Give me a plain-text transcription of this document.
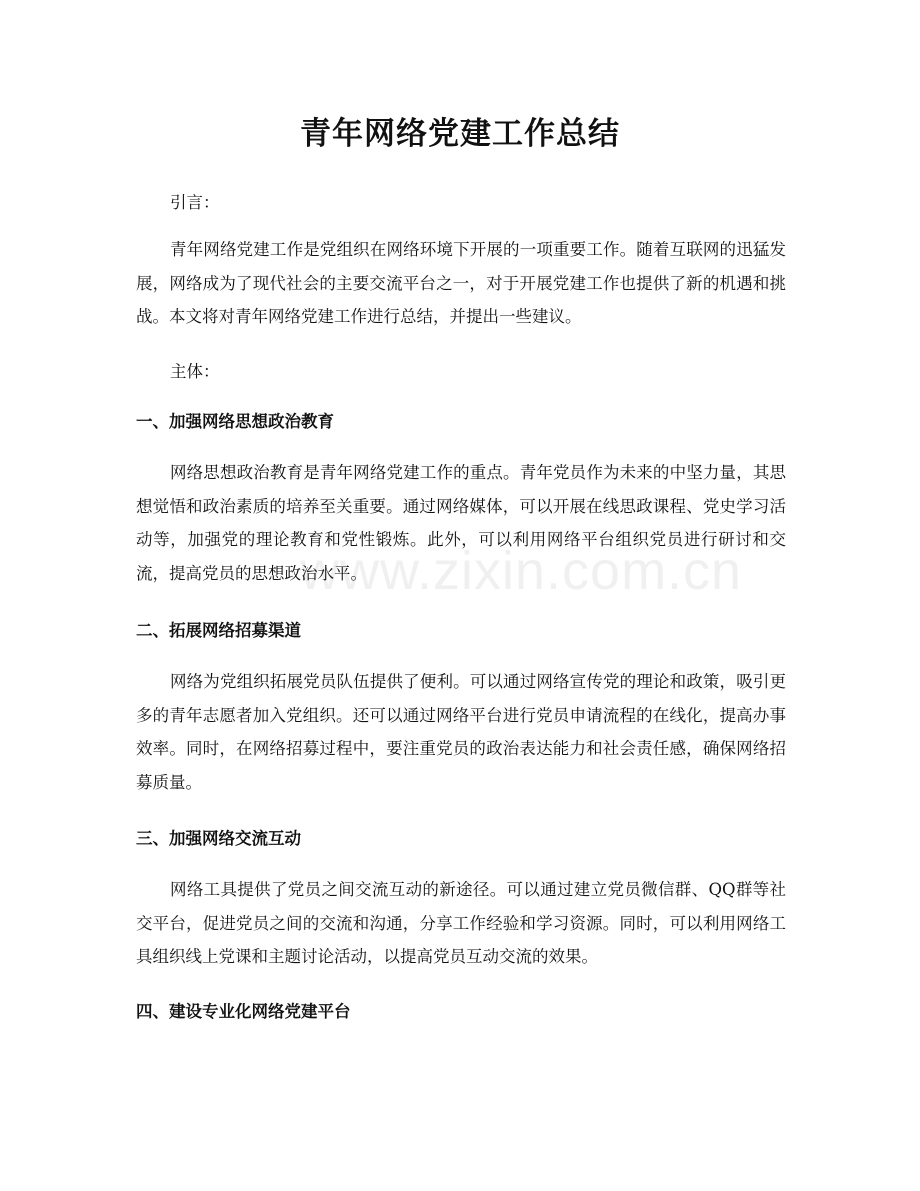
www.zixin.com.cn
青年网络党建工作总结

引言：

青年网络党建工作是党组织在网络环境下开展的一项重要工作。随着互联网的迅猛发展，网络成为了现代社会的主要交流平台之一，对于开展党建工作也提供了新的机遇和挑战。本文将对青年网络党建工作进行总结，并提出一些建议。

主体：

一、加强网络思想政治教育

网络思想政治教育是青年网络党建工作的重点。青年党员作为未来的中坚力量，其思想觉悟和政治素质的培养至关重要。通过网络媒体，可以开展在线思政课程、党史学习活动等，加强党的理论教育和党性锻炼。此外，可以利用网络平台组织党员进行研讨和交流，提高党员的思想政治水平。

二、拓展网络招募渠道

网络为党组织拓展党员队伍提供了便利。可以通过网络宣传党的理论和政策，吸引更多的青年志愿者加入党组织。还可以通过网络平台进行党员申请流程的在线化，提高办事效率。同时，在网络招募过程中，要注重党员的政治表达能力和社会责任感，确保网络招募质量。

三、加强网络交流互动

网络工具提供了党员之间交流互动的新途径。可以通过建立党员微信群、QQ群等社交平台，促进党员之间的交流和沟通，分享工作经验和学习资源。同时，可以利用网络工具组织线上党课和主题讨论活动，以提高党员互动交流的效果。

四、建设专业化网络党建平台
